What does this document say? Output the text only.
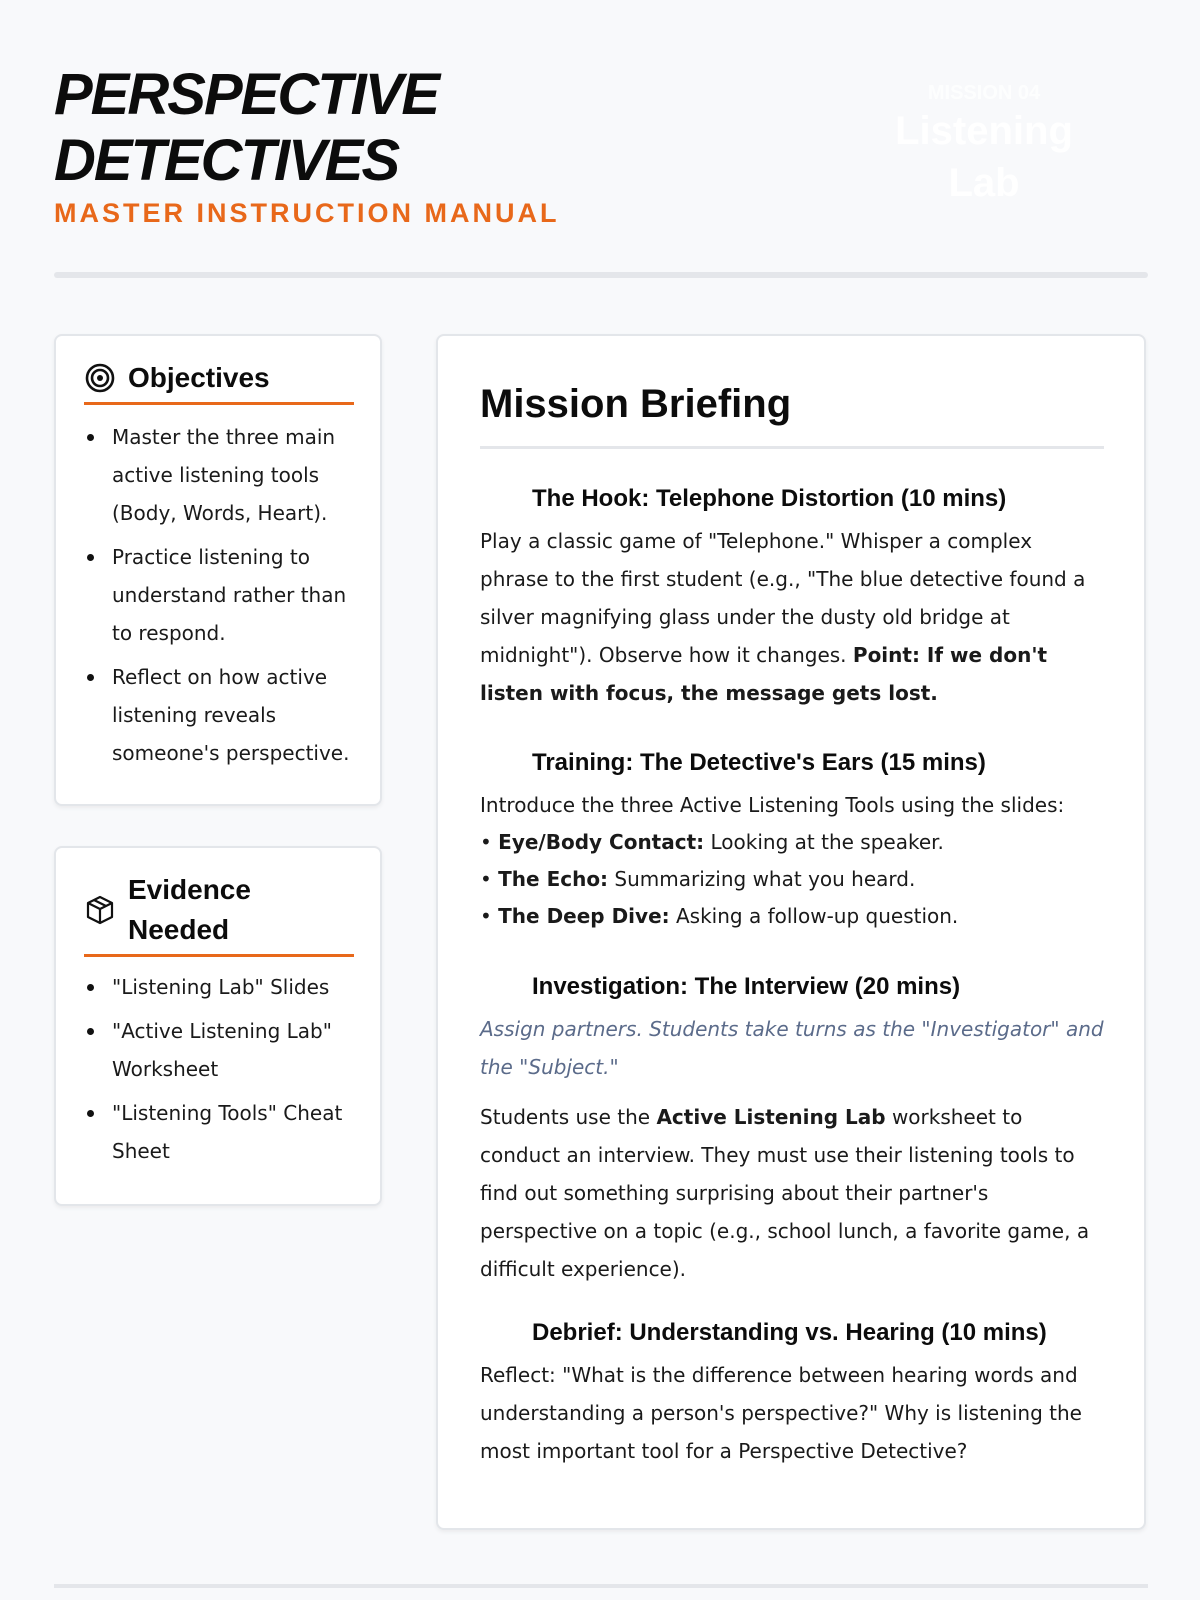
PERSPECTIVE
DETECTIVES
MASTER INSTRUCTION MANUAL
MISSION 04
Listening
Lab
Objectives
Master the three main active listening tools (Body, Words, Heart).
Practice listening to understand rather than to respond.
Reflect on how active listening reveals someone's perspective.
Evidence Needed
"Listening Lab" Slides
"Active Listening Lab" Worksheet
"Listening Tools" Cheat Sheet
Mission Briefing
The Hook: Telephone Distortion (10 mins)

Play a classic game of "Telephone." Whisper a complex phrase to the first student (e.g., "The blue detective found a silver magnifying glass under the dusty old bridge at midnight"). Observe how it changes. Point: If we don't listen with focus, the message gets lost.

Training: The Detective's Ears (15 mins)

Introduce the three Active Listening Tools using the slides:

• Eye/Body Contact: Looking at the speaker.
• The Echo: Summarizing what you heard.
• The Deep Dive: Asking a follow-up question.
Investigation: The Interview (20 mins)

Assign partners. Students take turns as the "Investigator" and the "Subject."

Students use the Active Listening Lab worksheet to conduct an interview. They must use their listening tools to find out something surprising about their partner's perspective on a topic (e.g., school lunch, a favorite game, a difficult experience).

Debrief: Understanding vs. Hearing (10 mins)

Reflect: "What is the difference between hearing words and understanding a person's perspective?" Why is listening the most important tool for a Perspective Detective?
